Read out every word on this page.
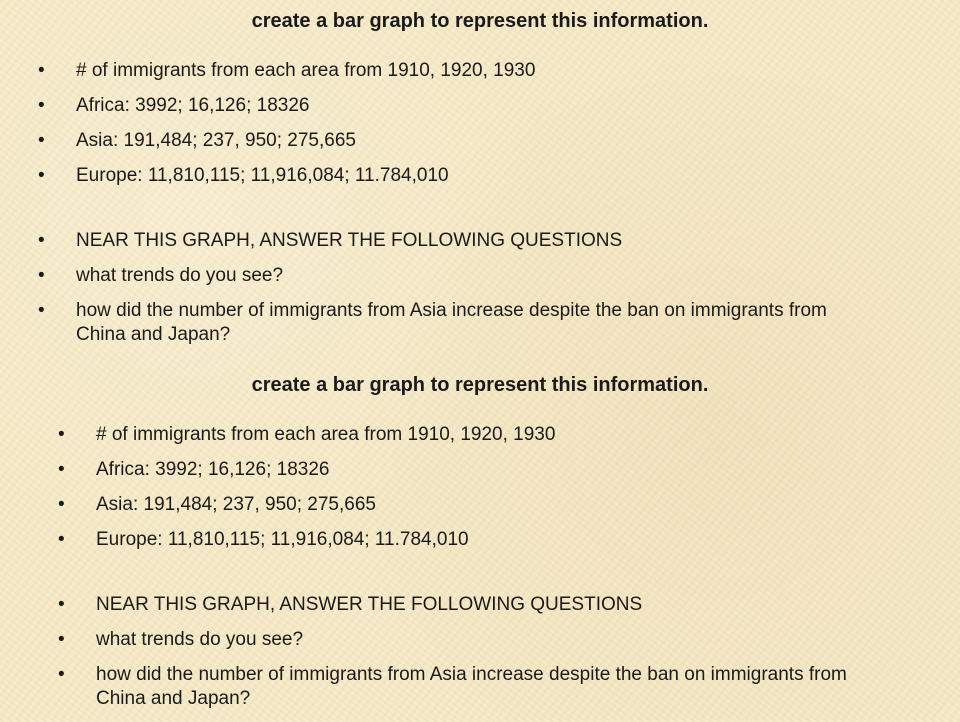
create a bar graph to represent this information.
•	# of immigrants from each area from 1910, 1920, 1930
•	Africa: 3992; 16,126; 18326
•	Asia: 191,484; 237, 950; 275,665
•	Europe: 11,810,115; 11,916,084; 11.784,010
•	NEAR THIS GRAPH, ANSWER THE FOLLOWING QUESTIONS
•	what trends do you see?
•	how did the number of immigrants from Asia increase despite the ban on immigrants from China and Japan?
create a bar graph to represent this information.
•	# of immigrants from each area from 1910, 1920, 1930
•	Africa: 3992; 16,126; 18326
•	Asia: 191,484; 237, 950; 275,665
•	Europe: 11,810,115; 11,916,084; 11.784,010
•	NEAR THIS GRAPH, ANSWER THE FOLLOWING QUESTIONS
•	what trends do you see?
•	how did the number of immigrants from Asia increase despite the ban on immigrants from China and Japan?
